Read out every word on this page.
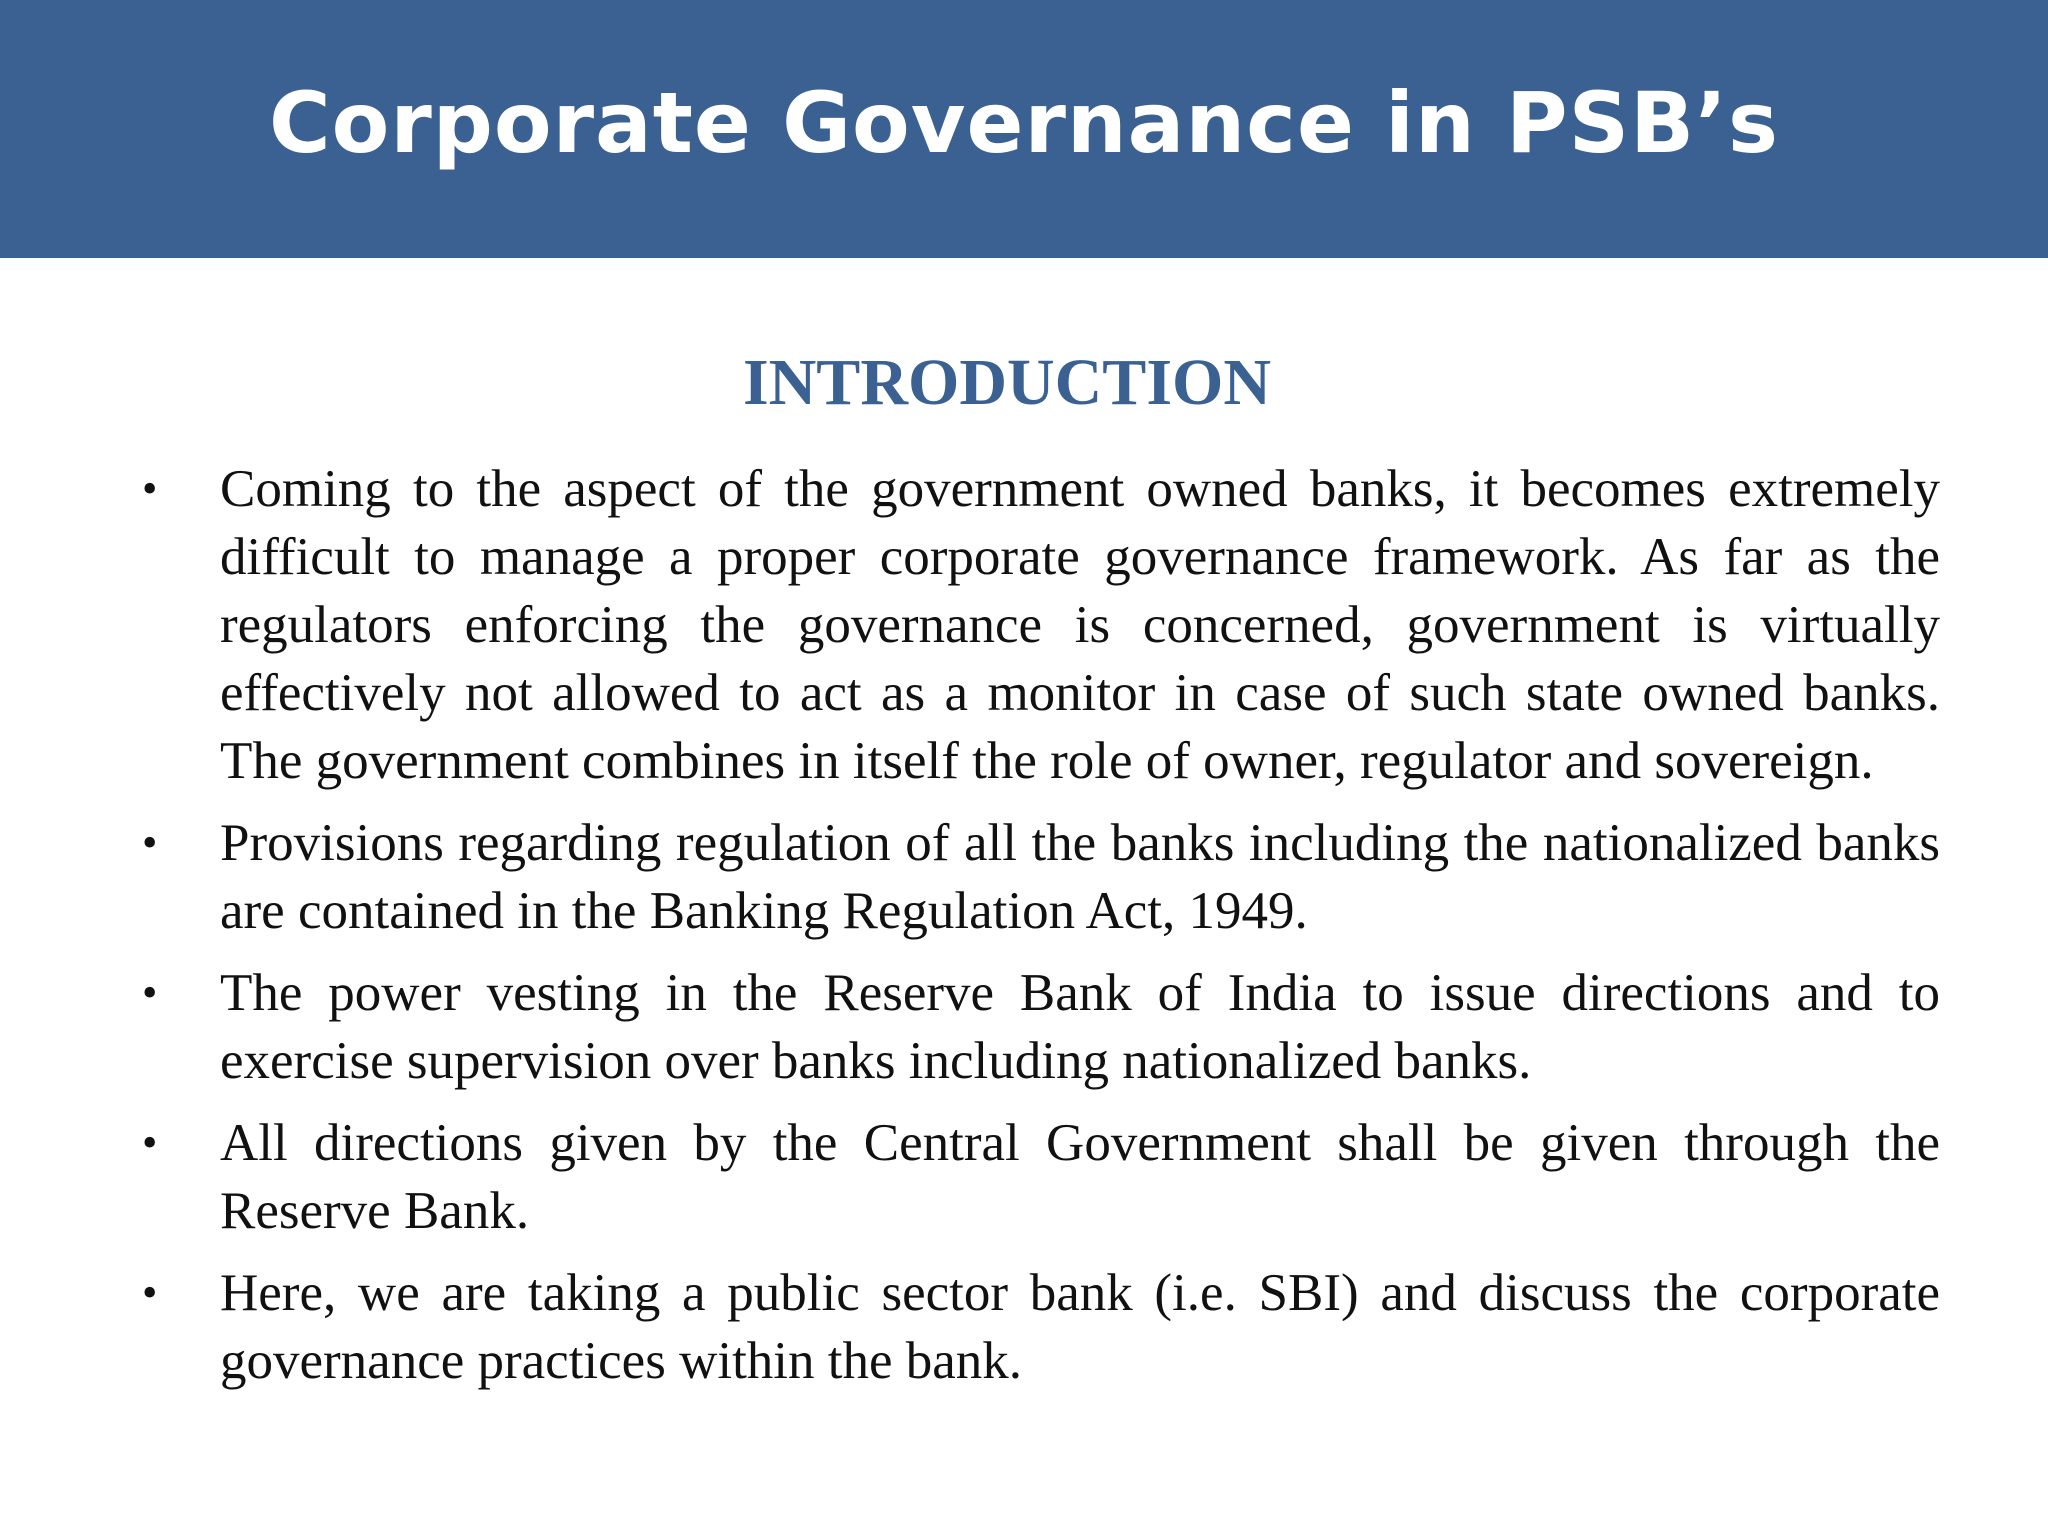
Corporate Governance in PSB’s
INTRODUCTION
•	Coming to the aspect of the government owned banks, it becomes extremely difficult to manage a proper corporate governance framework. As far as the regulators enforcing the governance is concerned, government is virtually effectively not allowed to act as a monitor in case of such state owned banks. The government combines in itself the role of owner, regulator and sovereign.
•	Provisions regarding regulation of all the banks including the nationalized banks are contained in the Banking Regulation Act, 1949.
•	The power vesting in the Reserve Bank of India to issue directions and to exercise supervision over banks including nationalized banks.
•	All directions given by the Central Government shall be given through the Reserve Bank.
•	Here, we are taking a public sector bank (i.e. SBI) and discuss the corporate governance practices within the bank.
